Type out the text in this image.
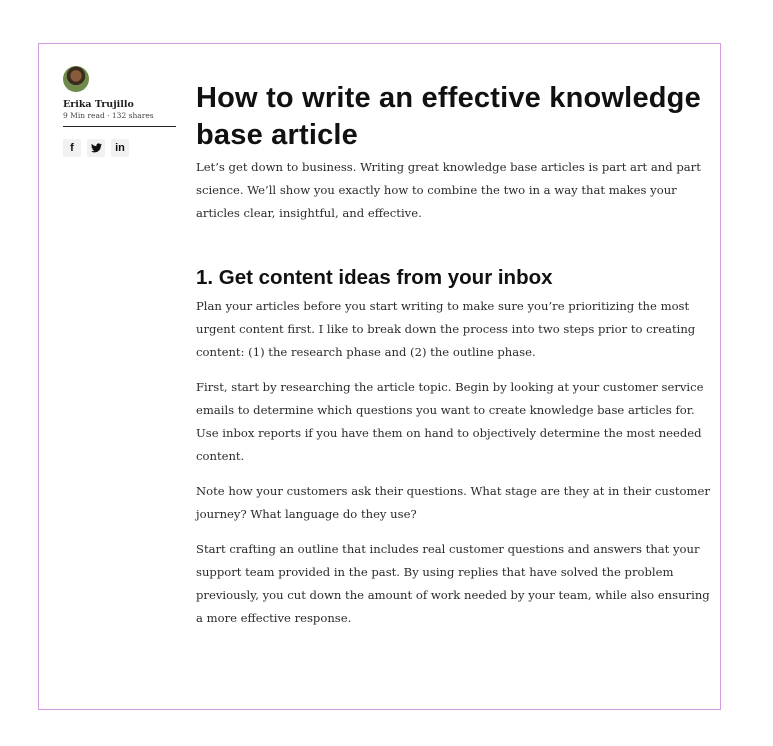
Erika Trujillo
9 Min read · 132 shares
f	in
How to write an effective knowledge base article

Let’s get down to business. Writing great knowledge base articles is part art and part science. We’ll show you exactly how to combine the two in a way that makes your articles clear, insightful, and effective.

1. Get content ideas from your inbox

Plan your articles before you start writing to make sure you’re prioritizing the most urgent content first. I like to break down the process into two steps prior to creating content: (1) the research phase and (2) the outline phase.

First, start by researching the article topic. Begin by looking at your customer service emails to determine which questions you want to create knowledge base articles for. Use inbox reports if you have them on hand to objectively determine the most needed content.

Note how your customers ask their questions. What stage are they at in their customer journey? What language do they use?

Start crafting an outline that includes real customer questions and answers that your support team provided in the past. By using replies that have solved the problem previously, you cut down the amount of work needed by your team, while also ensuring a more effective response.
